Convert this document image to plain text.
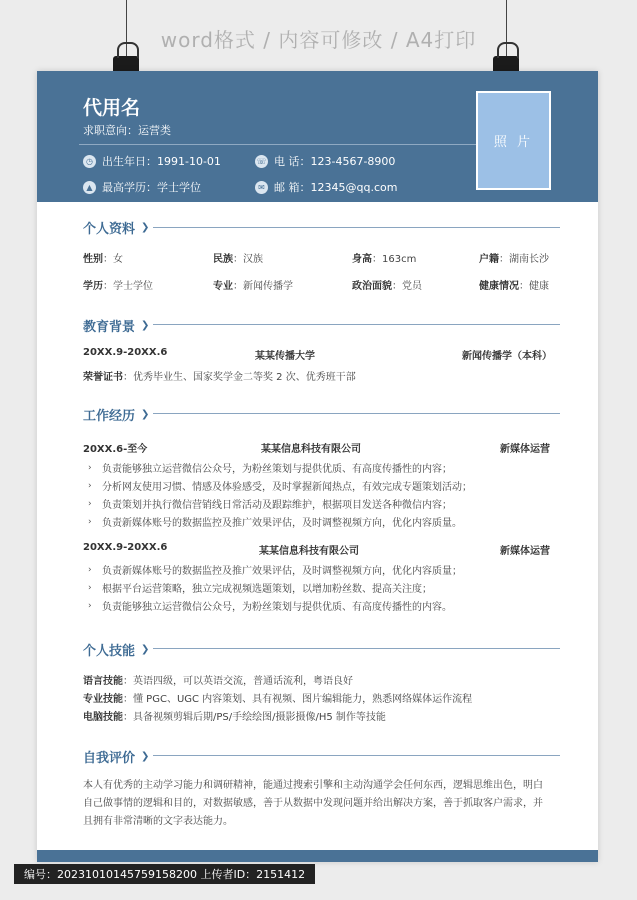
word格式 / 内容可修改 / A4打印
代用名
求职意向：运营类
◷ 出生年日：1991-10-01	☏ 电 话：123-4567-8900
▲ 最高学历：学士学位	✉ 邮 箱：12345@qq.com
照 片
个人资料 ❯
性别：女	民族：汉族	身高：163cm	户籍：湖南长沙
学历：学士学位	专业：新闻传播学	政治面貌：党员	健康情况：健康
教育背景 ❯
20XX.9-20XX.6	某某传播大学	新闻传播学（本科）
荣誉证书：优秀毕业生、国家奖学金二等奖 2 次、优秀班干部
工作经历 ❯
20XX.6-至今	某某信息科技有限公司	新媒体运营
›	负责能够独立运营微信公众号，为粉丝策划与提供优质、有高度传播性的内容；
›	分析网友使用习惯、情感及体验感受，及时掌握新闻热点，有效完成专题策划活动；
›	负责策划并执行微信营销线日常活动及跟踪维护，根据项目发送各种微信内容；
›	负责新媒体账号的数据监控及推广效果评估，及时调整视频方向，优化内容质量。
20XX.9-20XX.6	某某信息科技有限公司	新媒体运营
›	负责新媒体账号的数据监控及推广效果评估，及时调整视频方向，优化内容质量；
›	根据平台运营策略，独立完成视频选题策划，以增加粉丝数、提高关注度；
›	负责能够独立运营微信公众号，为粉丝策划与提供优质、有高度传播性的内容。
个人技能 ❯
语言技能：英语四级，可以英语交流，普通话流利，粤语良好
专业技能：懂 PGC、UGC 内容策划、具有视频、图片编辑能力，熟悉网络媒体运作流程
电脑技能：具备视频剪辑后期/PS/手绘绘图/摄影摄像/H5 制作等技能
自我评价 ❯
本人有优秀的主动学习能力和调研精神，能通过搜索引擎和主动沟通学会任何东西，逻辑思维出色，明白
自己做事情的逻辑和目的，对数据敏感，善于从数据中发现问题并给出解决方案，善于抓取客户需求，并
且拥有非常清晰的文字表达能力。
编号：20231010145759158200 上传者ID：2151412
